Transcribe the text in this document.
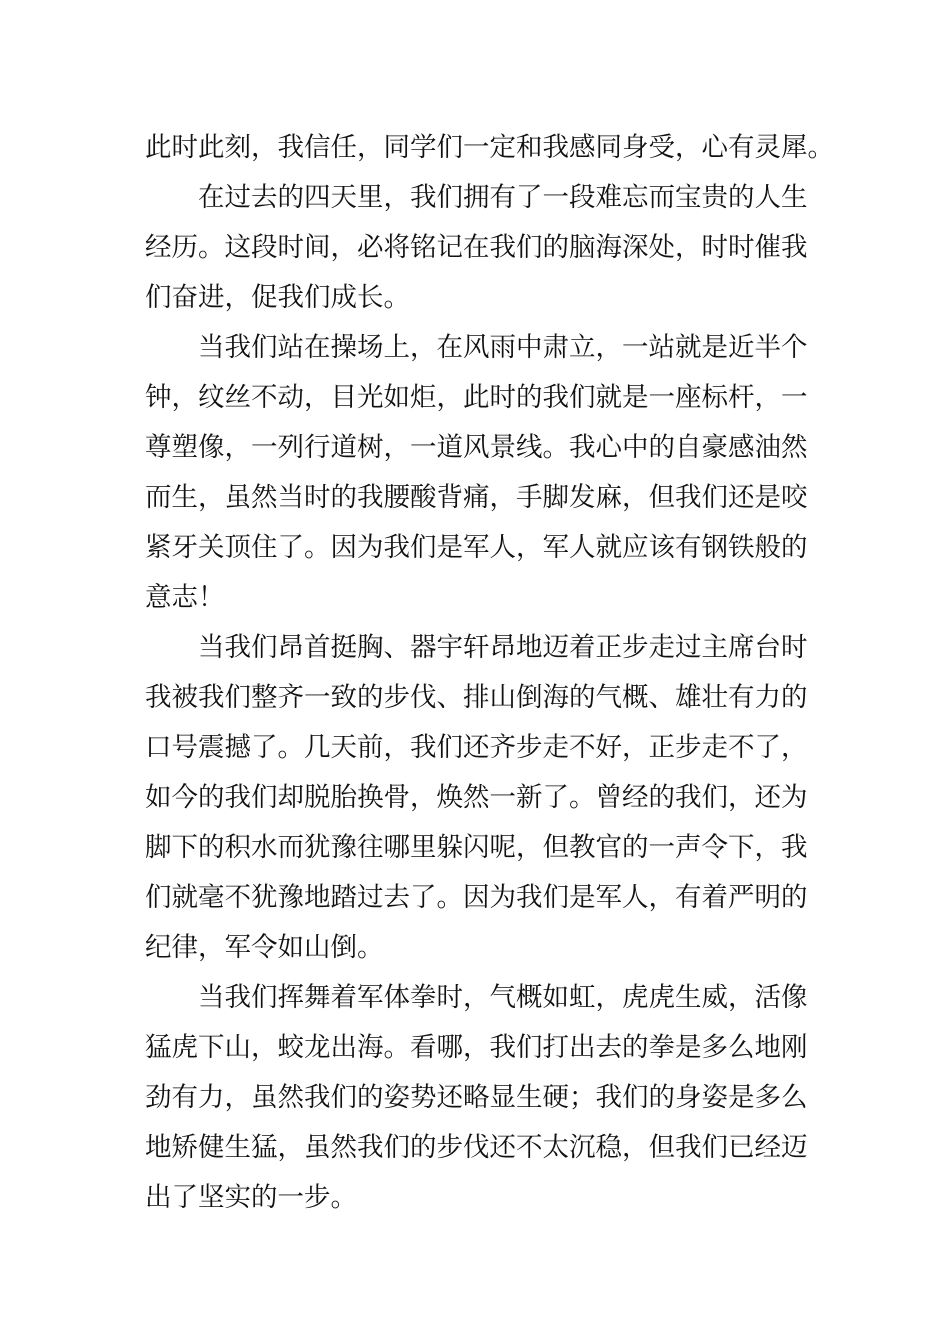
此时此刻，我信任，同学们一定和我感同身受，心有灵犀。
在过去的四天里，我们拥有了一段难忘而宝贵的人生
经历。这段时间，必将铭记在我们的脑海深处，时时催我
们奋进，促我们成长。
当我们站在操场上，在风雨中肃立，一站就是近半个
钟，纹丝不动，目光如炬，此时的我们就是一座标杆，一
尊塑像，一列行道树，一道风景线。我心中的自豪感油然
而生，虽然当时的我腰酸背痛，手脚发麻，但我们还是咬
紧牙关顶住了。因为我们是军人，军人就应该有钢铁般的
意志！
当我们昂首挺胸、器宇轩昂地迈着正步走过主席台时
我被我们整齐一致的步伐、排山倒海的气概、雄壮有力的
口号震撼了。几天前，我们还齐步走不好，正步走不了，
如今的我们却脱胎换骨，焕然一新了。曾经的我们，还为
脚下的积水而犹豫往哪里躲闪呢，但教官的一声令下，我
们就毫不犹豫地踏过去了。因为我们是军人，有着严明的
纪律，军令如山倒。
当我们挥舞着军体拳时，气概如虹，虎虎生威，活像
猛虎下山，蛟龙出海。看哪，我们打出去的拳是多么地刚
劲有力，虽然我们的姿势还略显生硬；我们的身姿是多么
地矫健生猛，虽然我们的步伐还不太沉稳，但我们已经迈
出了坚实的一步。
